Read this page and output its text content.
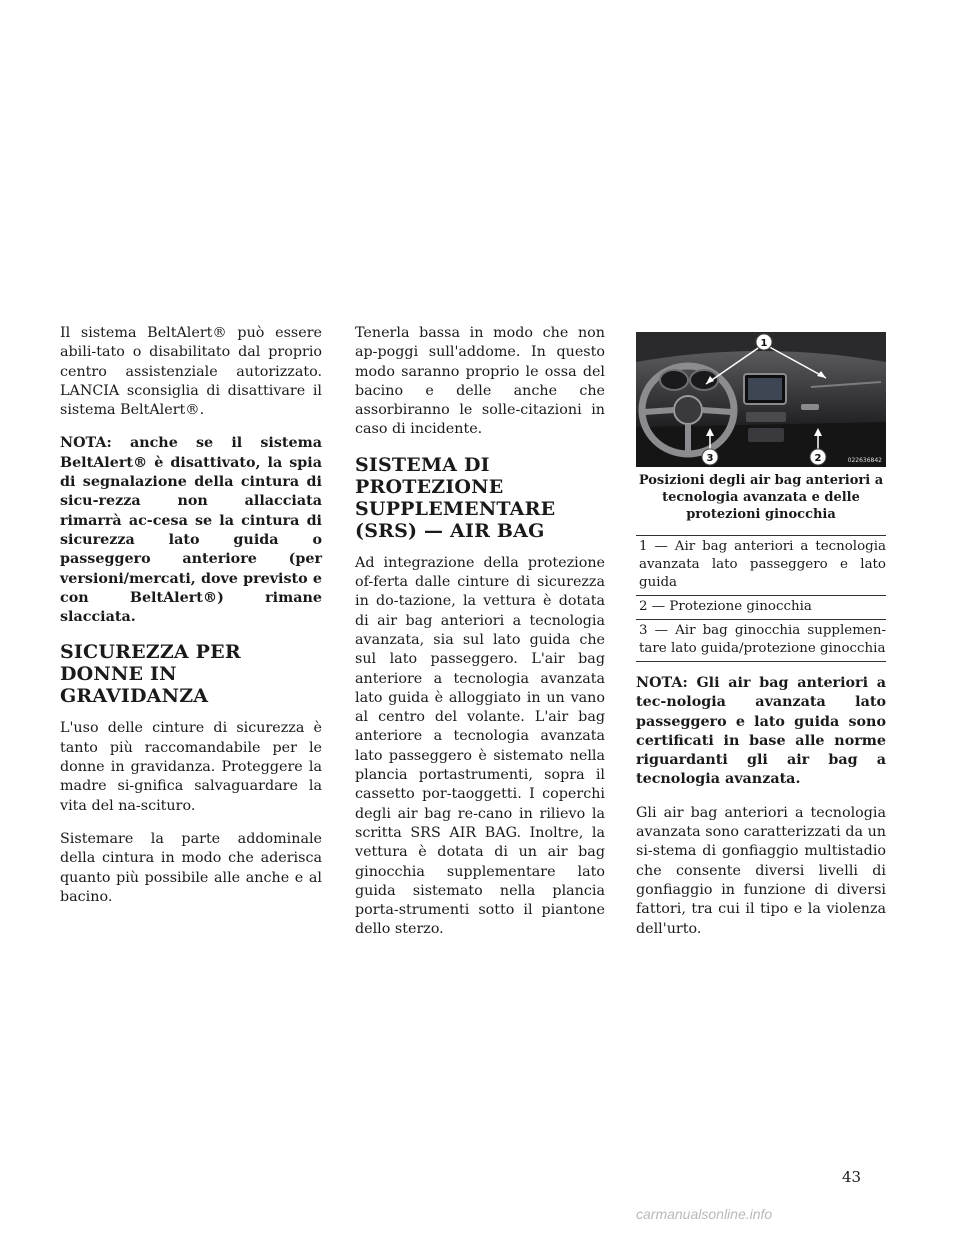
Il sistema BeltAlert® può essere abili-tato o disabilitato dal proprio centro assistenziale autorizzato. LANCIA sconsiglia di disattivare il sistema BeltAlert®.

NOTA: anche se il sistema BeltAlert® è disattivato, la spia di segnalazione della cintura di sicu-rezza non allacciata rimarrà ac-cesa se la cintura di sicurezza lato guida o passeggero anteriore (per versioni/mercati, dove previsto e con BeltAlert®) rimane slacciata.

SICUREZZA PER DONNE IN GRAVIDANZA

L'uso delle cinture di sicurezza è tanto più raccomandabile per le donne in gravidanza. Proteggere la madre si-gnifica salvaguardare la vita del na-scituro.

Sistemare la parte addominale della cintura in modo che aderisca quanto più possibile alle anche e al bacino.

Tenerla bassa in modo che non ap-poggi sull'addome. In questo modo saranno proprio le ossa del bacino e delle anche che assorbiranno le solle-citazioni in caso di incidente.

SISTEMA DI PROTEZIONE SUPPLEMENTARE (SRS) — AIR BAG

Ad integrazione della protezione of-ferta dalle cinture di sicurezza in do-tazione, la vettura è dotata di air bag anteriori a tecnologia avanzata, sia sul lato guida che sul lato passeggero. L'air bag anteriore a tecnologia avanzata lato guida è alloggiato in un vano al centro del volante. L'air bag anteriore a tecnologia avanzata lato passeggero è sistemato nella plancia portastrumenti, sopra il cassetto por-taoggetti. I coperchi degli air bag re-cano in rilievo la scritta SRS AIR BAG. Inoltre, la vettura è dotata di un air bag ginocchia supplementare lato guida sistemato nella plancia porta-strumenti sotto il piantone dello sterzo.

1
3	2	022636842
Posizioni degli air bag anteriori a tecnologia avanzata e delle protezioni ginocchia
1 — Air bag anteriori a tecnologia avanzata lato passeggero e lato guida
2 — Protezione ginocchia
3 — Air bag ginocchia supplemen-tare lato guida/protezione ginocchia

NOTA: Gli air bag anteriori a tec-nologia avanzata lato passeggero e lato guida sono certificati in base alle norme riguardanti gli air bag a tecnologia avanzata.

Gli air bag anteriori a tecnologia avanzata sono caratterizzati da un si-stema di gonfiaggio multistadio che consente diversi livelli di gonfiaggio in funzione di diversi fattori, tra cui il tipo e la violenza dell'urto.

43
carmanualsonline.info
